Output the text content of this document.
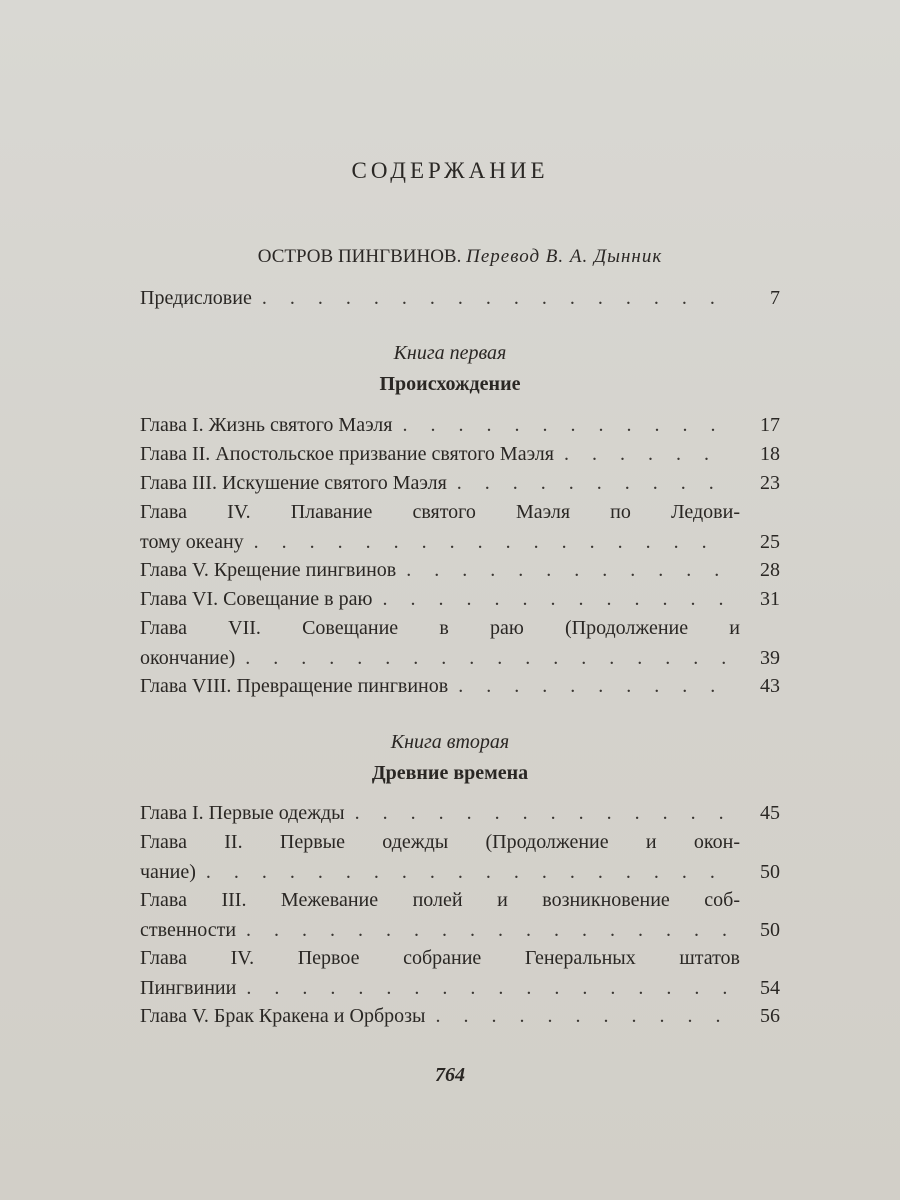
СОДЕРЖАНИЕ
ОСТРОВ ПИНГВИНОВ. Перевод В. А. Дынник
Предисловие . . .	7
Книга первая
Происхождение
Глава I. Жизнь святого Маэля . . .	17
Глава II. Апостольское призвание святого Маэля . . .	18
Глава III. Искушение святого Маэля . . .	23
Глава IV. Плавание святого Маэля по Ледови-
тому океану . . .	25
Глава V. Крещение пингвинов . . .	28
Глава VI. Совещание в раю . . .	31
Глава VII. Совещание в раю (Продолжение и
окончание) . . .	39
Глава VIII. Превращение пингвинов . . .	43
Книга вторая
Древние времена
Глава I. Первые одежды . . .	45
Глава II. Первые одежды (Продолжение и окон-
чание) . . .	50
Глава III. Межевание полей и возникновение соб-
ственности . . .	50
Глава IV. Первое собрание Генеральных штатов
Пингвинии . . .	54
Глава V. Брак Кракена и Орброзы . . .	56
764
